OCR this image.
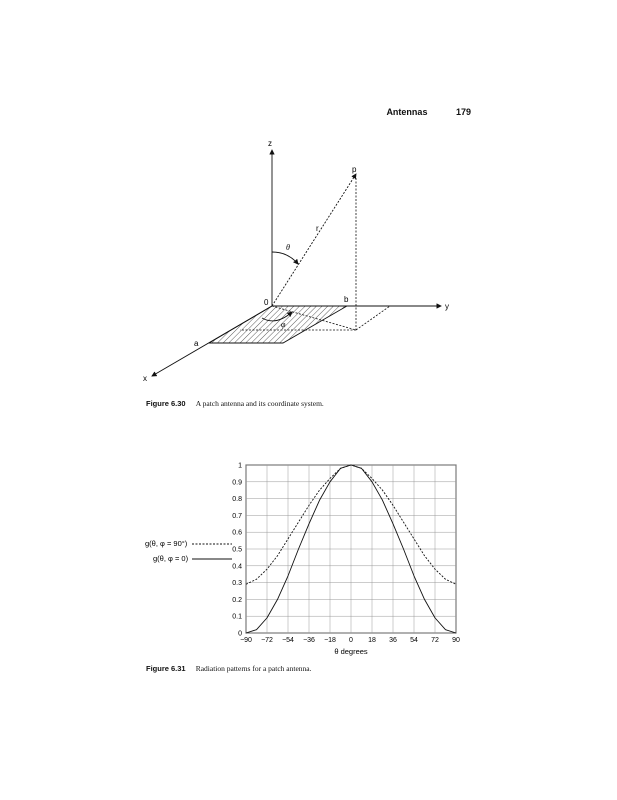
Antennas	179
z
y
x
0
p
r
θ
φ
a
b
Figure 6.30 A patch antenna and its coordinate system.
−90 −72 −54 −36 −18 0 18 36 54 72 90
0
0.1
0.2
0.3
0.4
0.5
0.6
0.7
0.8
0.9
1
θ degrees
g(θ, φ = 90°)
g(θ, φ = 0)
Figure 6.31 Radiation patterns for a patch antenna.
